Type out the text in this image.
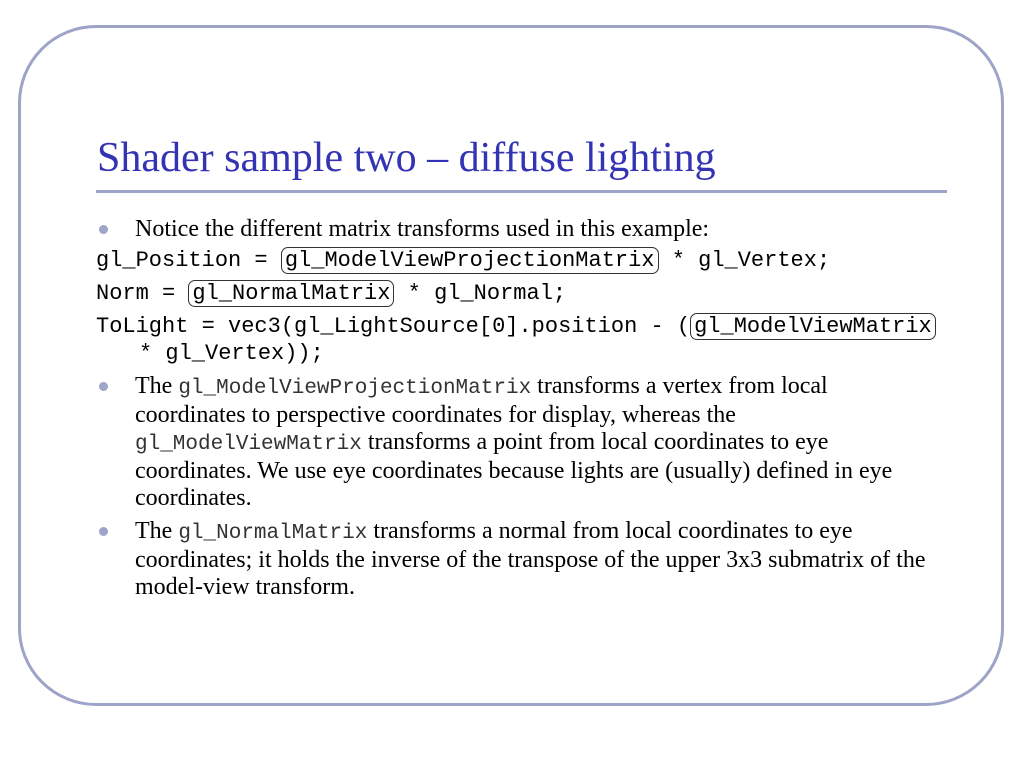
Shader sample two – diffuse lighting
Notice the different matrix transforms used in this example:
gl_Position = gl_ModelViewProjectionMatrix * gl_Vertex;
Norm = gl_NormalMatrix * gl_Normal;
ToLight = vec3(gl_LightSource[0].position - ( gl_ModelViewMatrix * gl_Vertex));
The gl_ModelViewProjectionMatrix transforms a vertex from local coordinates to perspective coordinates for display, whereas the gl_ModelViewMatrix transforms a point from local coordinates to eye coordinates. We use eye coordinates because lights are (usually) defined in eye coordinates.
The gl_NormalMatrix transforms a normal from local coordinates to eye coordinates; it holds the inverse of the transpose of the upper 3x3 submatrix of the model-view transform.
